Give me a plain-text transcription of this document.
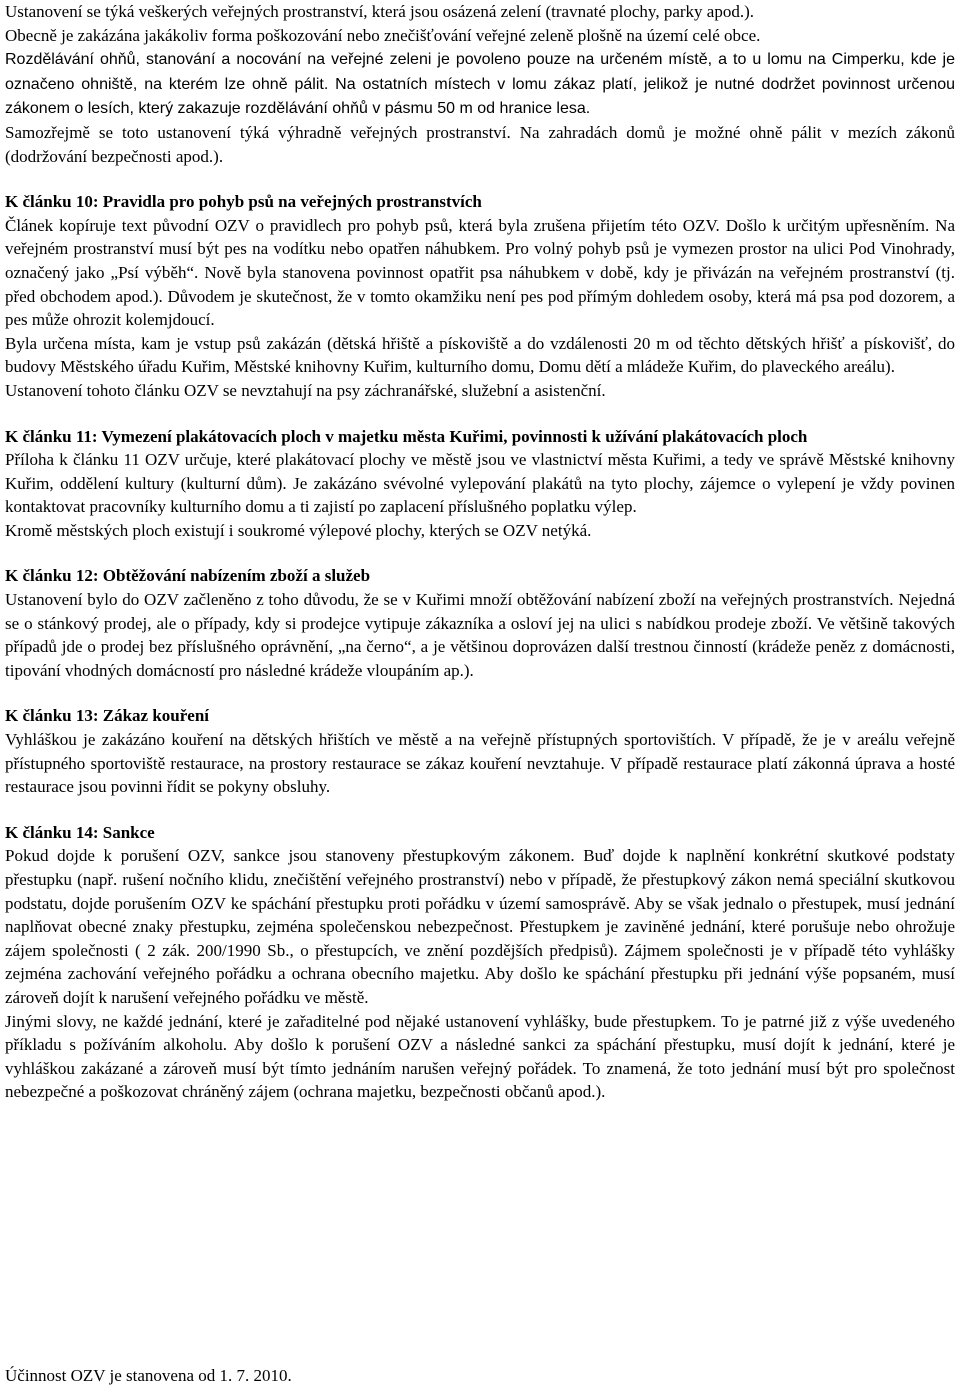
Ustanovení se týká veškerých veřejných prostranství, která jsou osázená zelení (travnaté plochy, parky apod.).

Obecně je zakázána jakákoliv forma poškozování nebo znečišťování veřejné zeleně plošně na území celé obce.

Rozdělávání ohňů, stanování a nocování na veřejné zeleni je povoleno pouze na určeném místě, a to u lomu na Cimperku, kde je označeno ohniště, na kterém lze ohně pálit. Na ostatních místech v lomu zákaz platí, jelikož je nutné dodržet povinnost určenou zákonem o lesích, který zakazuje rozdělávání ohňů v pásmu 50 m od hranice lesa.

Samozřejmě se toto ustanovení týká výhradně veřejných prostranství. Na zahradách domů je možné ohně pálit v mezích zákonů (dodržování bezpečnosti apod.).

K článku 10: Pravidla pro pohyb psů na veřejných prostranstvích

Článek kopíruje text původní OZV o pravidlech pro pohyb psů, která byla zrušena přijetím této OZV. Došlo k určitým upřesněním. Na veřejném prostranství musí být pes na vodítku nebo opatřen náhubkem. Pro volný pohyb psů je vymezen prostor na ulici Pod Vinohrady, označený jako „Psí výběh“. Nově byla stanovena povinnost opatřit psa náhubkem v době, kdy je přivázán na veřejném prostranství (tj. před obchodem apod.). Důvodem je skutečnost, že v tomto okamžiku není pes pod přímým dohledem osoby, která má psa pod dozorem, a pes může ohrozit kolemjdoucí.

Byla určena místa, kam je vstup psů zakázán (dětská hřiště a pískoviště a do vzdálenosti 20 m od těchto dětských hřišť a pískovišť, do budovy Městského úřadu Kuřim, Městské knihovny Kuřim, kulturního domu, Domu dětí a mládeže Kuřim, do plaveckého areálu).

Ustanovení tohoto článku OZV se nevztahují na psy záchranářské, služební a asistenční.

K článku 11: Vymezení plakátovacích ploch v majetku města Kuřimi, povinnosti k užívání plakátovacích ploch

Příloha k článku 11 OZV určuje, které plakátovací plochy ve městě jsou ve vlastnictví města Kuřimi, a tedy ve správě Městské knihovny Kuřim, oddělení kultury (kulturní dům). Je zakázáno svévolné vylepování plakátů na tyto plochy, zájemce o vylepení je vždy povinen kontaktovat pracovníky kulturního domu a ti zajistí po zaplacení příslušného poplatku výlep.

Kromě městských ploch existují i soukromé výlepové plochy, kterých se OZV netýká.

K článku 12: Obtěžování nabízením zboží a služeb

Ustanovení bylo do OZV začleněno z toho důvodu, že se v Kuřimi množí obtěžování nabízení zboží na veřejných prostranstvích. Nejedná se o stánkový prodej, ale o případy, kdy si prodejce vytipuje zákazníka a osloví jej na ulici s nabídkou prodeje zboží. Ve většině takových případů jde o prodej bez příslušného oprávnění, „na černo“, a je většinou doprovázen další trestnou činností (krádeže peněz z domácnosti, tipování vhodných domácností pro následné krádeže vloupáním ap.).

K článku 13: Zákaz kouření

Vyhláškou je zakázáno kouření na dětských hřištích ve městě a na veřejně přístupných sportovištích. V případě, že je v areálu veřejně přístupného sportoviště restaurace, na prostory restaurace se zákaz kouření nevztahuje. V případě restaurace platí zákonná úprava a hosté restaurace jsou povinni řídit se pokyny obsluhy.

K článku 14: Sankce

Pokud dojde k porušení OZV, sankce jsou stanoveny přestupkovým zákonem. Buď dojde k naplnění konkrétní skutkové podstaty přestupku (např. rušení nočního klidu, znečištění veřejného prostranství) nebo v případě, že přestupkový zákon nemá speciální skutkovou podstatu, dojde porušením OZV ke spáchání přestupku proti pořádku v území samosprávě. Aby se však jednalo o přestupek, musí jednání naplňovat obecné znaky přestupku, zejména společenskou nebezpečnost. Přestupkem je zaviněné jednání, které porušuje nebo ohrožuje zájem společnosti ( 2 zák. 200/1990 Sb., o přestupcích, ve znění pozdějších předpisů). Zájmem společnosti je v případě této vyhlášky zejména zachování veřejného pořádku a ochrana obecního majetku. Aby došlo ke spáchání přestupku při jednání výše popsaném, musí zároveň dojít k narušení veřejného pořádku ve městě.

Jinými slovy, ne každé jednání, které je zařaditelné pod nějaké ustanovení vyhlášky, bude přestupkem. To je patrné již z výše uvedeného příkladu s požíváním alkoholu. Aby došlo k porušení OZV a následné sankci za spáchání přestupku, musí dojít k jednání, které je vyhláškou zakázané a zároveň musí být tímto jednáním narušen veřejný pořádek. To znamená, že toto jednání musí být pro společnost nebezpečné a poškozovat chráněný zájem (ochrana majetku, bezpečnosti občanů apod.).

Účinnost OZV je stanovena od 1. 7. 2010.
